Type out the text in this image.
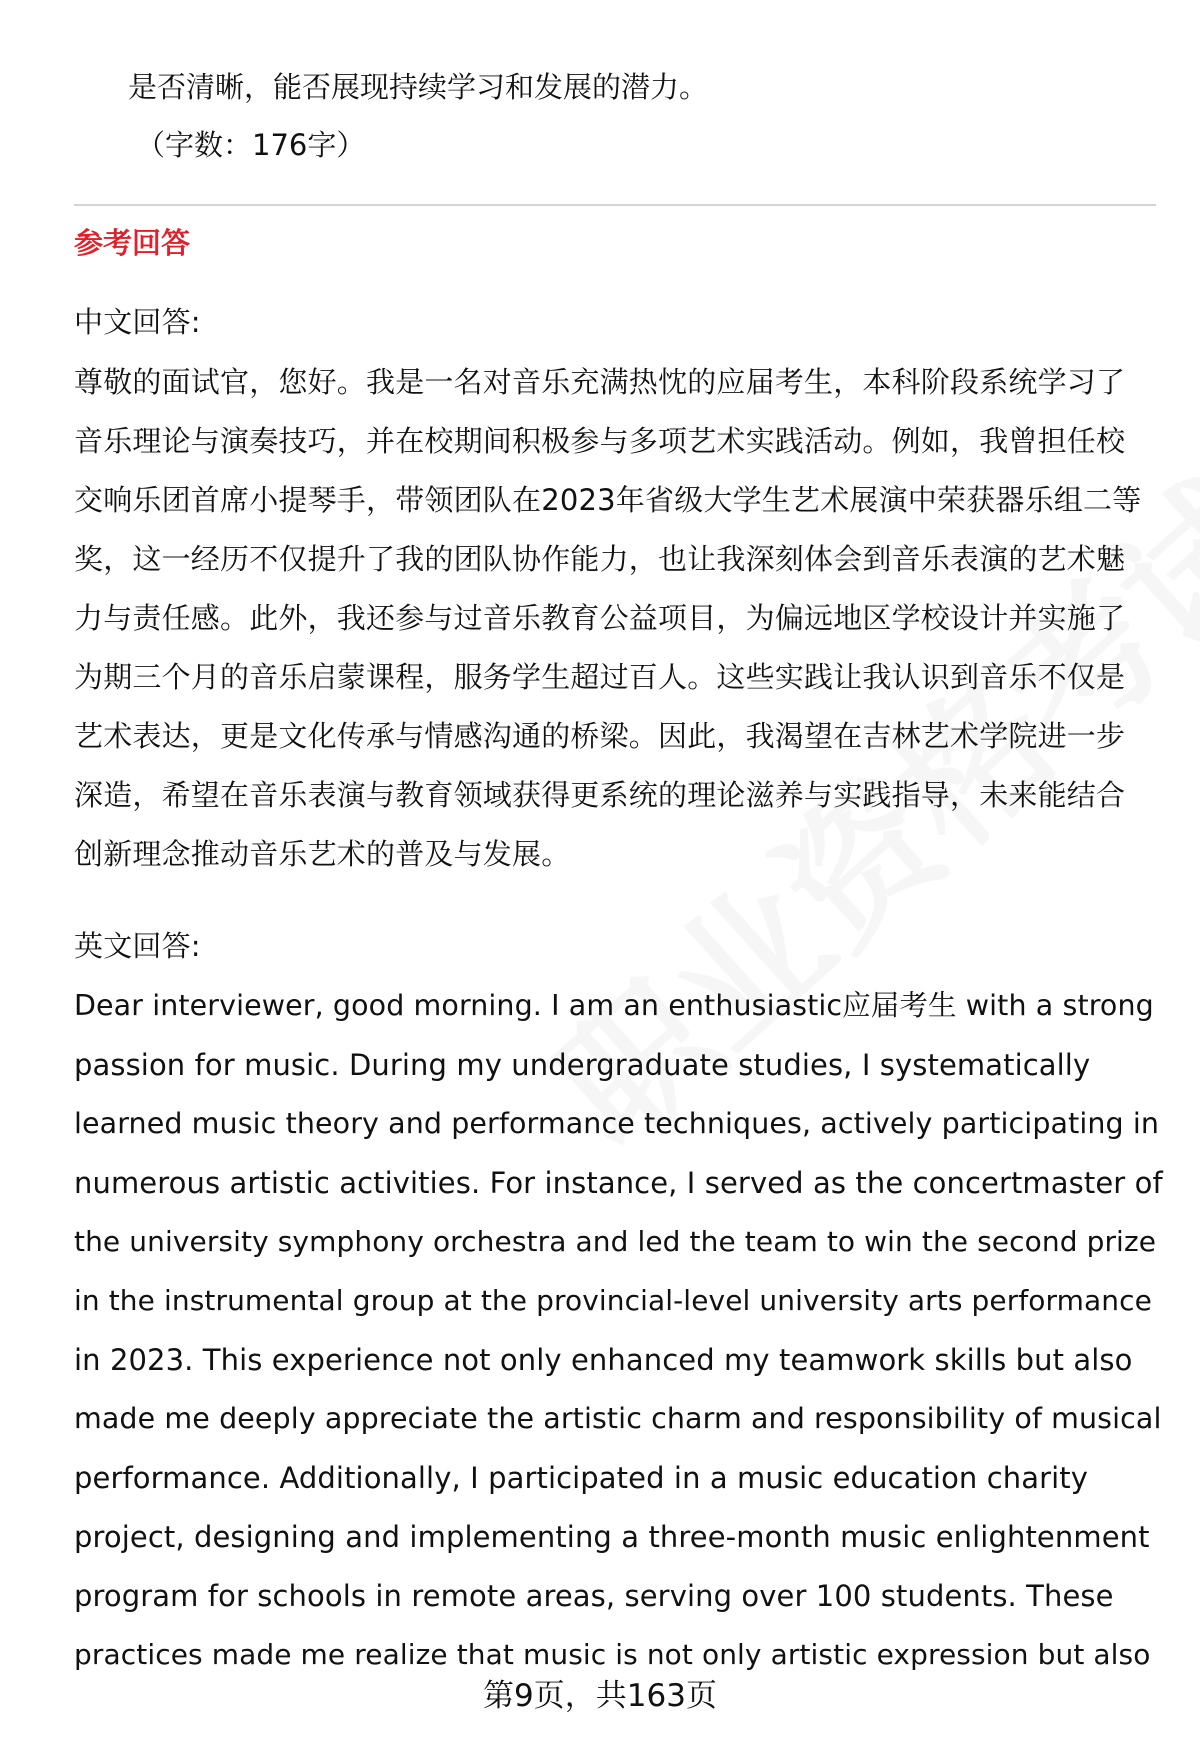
是否清晰，能否展现持续学习和发展的潜力。
（字数：176字）
参考回答
中文回答:
尊敬的面试官，您好。我是一名对音乐充满热忱的应届考生，本科阶段系统学习了
音乐理论与演奏技巧，并在校期间积极参与多项艺术实践活动。例如，我曾担任校
交响乐团首席小提琴手，带领团队在2023年省级大学生艺术展演中荣获器乐组二等
奖，这一经历不仅提升了我的团队协作能力，也让我深刻体会到音乐表演的艺术魅
力与责任感。此外，我还参与过音乐教育公益项目，为偏远地区学校设计并实施了
为期三个月的音乐启蒙课程，服务学生超过百人。这些实践让我认识到音乐不仅是
艺术表达，更是文化传承与情感沟通的桥梁。因此，我渴望在吉林艺术学院进一步
深造，希望在音乐表演与教育领域获得更系统的理论滋养与实践指导，未来能结合
创新理念推动音乐艺术的普及与发展。
英文回答:
Dear interviewer, good morning. I am an enthusiastic应届考生 with a strong
passion for music. During my undergraduate studies, I systematically
learned music theory and performance techniques, actively participating in
numerous artistic activities. For instance, I served as the concertmaster of
the university symphony orchestra and led the team to win the second prize
in the instrumental group at the provincial-level university arts performance
in 2023. This experience not only enhanced my teamwork skills but also
made me deeply appreciate the artistic charm and responsibility of musical
performance. Additionally, I participated in a music education charity
project, designing and implementing a three-month music enlightenment
program for schools in remote areas, serving over 100 students. These
practices made me realize that music is not only artistic expression but also
第9页，共163页
